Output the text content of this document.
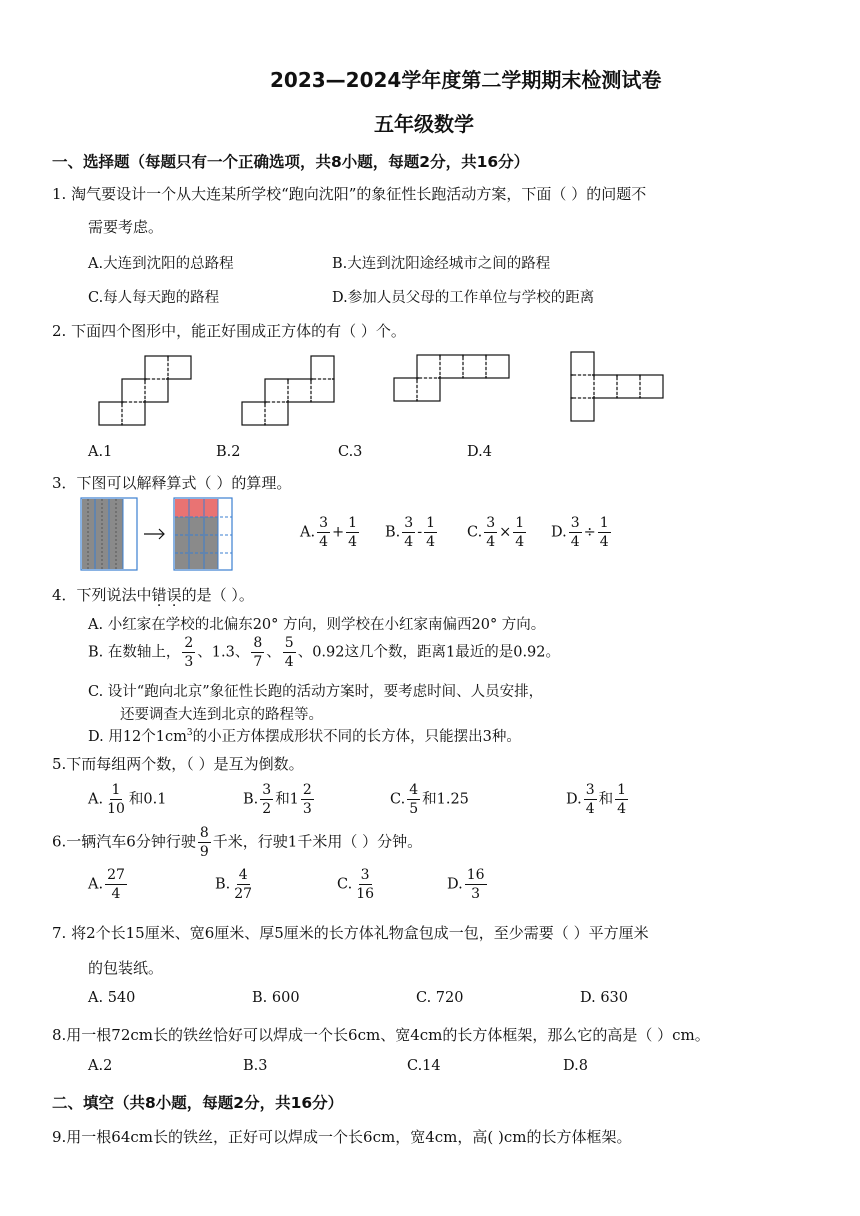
2023—2024学年度第二学期期末检测试卷
五年级数学
一、选择题（每题只有一个正确选项，共8小题，每题2分，共16分）
1. 淘气要设计一个从大连某所学校“跑向沈阳”的象征性长跑活动方案，下面（ ）的问题不
需要考虑。
A.大连到沈阳的总路程	B.大连到沈阳途经城市之间的路程
C.每人每天跑的路程	D.参加人员父母的工作单位与学校的距离
2. 下面四个图形中，能正好围成正方体的有（ ）个。
A.1	B.2	C.3	D.4
3．下图可以解释算式（ ）的算理。
A. $\frac{3}{4} + \frac{1}{4} B$. $\frac{3}{4} - \frac{1}{4} C$. $\frac{3}{4} \times \frac{1}{4} D$. $\frac{3}{4} \div \frac{1}{4}$
4．下列说法中错误的是（ ）。
A. 小红家在学校的北偏东20° 方向，则学校在小红家南偏西20° 方向。
B. 在数轴上， $\frac{2}{3}$ 、1.3、 $\frac{8}{7}$ 、 $\frac{5}{4}$ 、0.92这几个数，距离1最近的是0.92。
C. 设计“跑向北京”象征性长跑的活动方案时，要考虑时间、人员安排，
还要调查大连到北京的路程等。
D. 用12个$1cm^3$的小正方体摆成形状不同的长方体，只能摆出3种。
5.下而每组两个数，（ ）是互为倒数。
A. $\frac{1}{10}$ 和0.1	B. $\frac{3}{2}$ 和$1 \frac{2}{3}$	C. $\frac{4}{5}$ 和1.25	D. $\frac{3}{4}$ 和 $\frac{1}{4}$
6.一辆汽车6分钟行驶 $\frac{8}{9}$ 千米，行驶1千米用（ ）分钟。
A. $\frac{27}{4}$	B. $\frac{4}{27}$	C. $\frac{3}{16}$	D. $\frac{16}{3}$
7. 将2个长15厘米、宽6厘米、厚5厘米的长方体礼物盒包成一包，至少需要（ ）平方厘米
的包装纸。
A. 540	B. 600	C. 720	D. 630
8.用一根72cm长的铁丝恰好可以焊成一个长6cm、宽4cm的长方体框架，那么它的高是（ ）cm。
A.2	B.3	C.14	D.8
二、填空（共8小题，每题2分，共16分）
9.用一根64cm长的铁丝，正好可以焊成一个长6cm，宽4cm，高( )cm的长方体框架。
